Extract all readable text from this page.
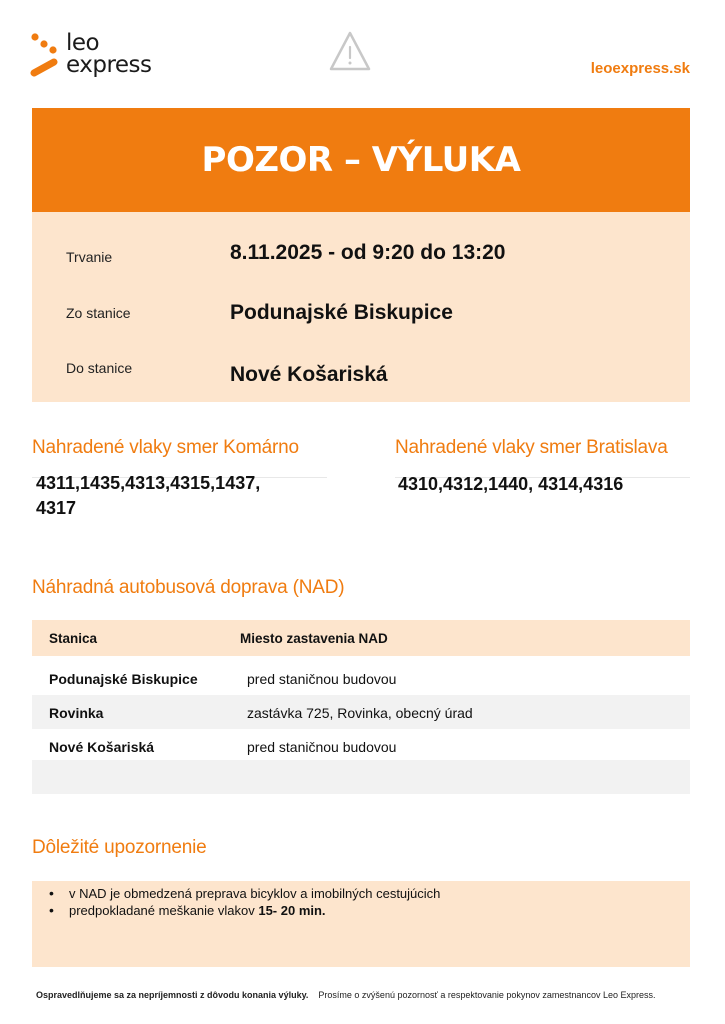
leo
express	leoexpress.sk
POZOR – VÝLUKA
Trvanie	8.11.2025 - od 9:20 do 13:20
Zo stanice	Podunajské Biskupice
Do stanice	Nové Košariská
Nahradené vlaky smer Komárno
4311,1435,4313,4315,1437,
4317
Nahradené vlaky smer Bratislava
4310,4312,1440, 4314,4316
Náhradná autobusová doprava (NAD)
Stanica	Miesto zastavenia NAD
Podunajské Biskupice	pred staničnou budovou
Rovinka	zastávka 725, Rovinka, obecný úrad
Nové Košariská	pred staničnou budovou
Dôležité upozornenie
• v NAD je obmedzená preprava bicyklov a imobilných cestujúcich
• predpokladané meškanie vlakov 15- 20 min.
Ospravedlňujeme sa za nepríjemnosti z dôvodu konania výluky. Prosíme o zvýšenú pozornosť a respektovanie pokynov zamestnancov Leo Express.
